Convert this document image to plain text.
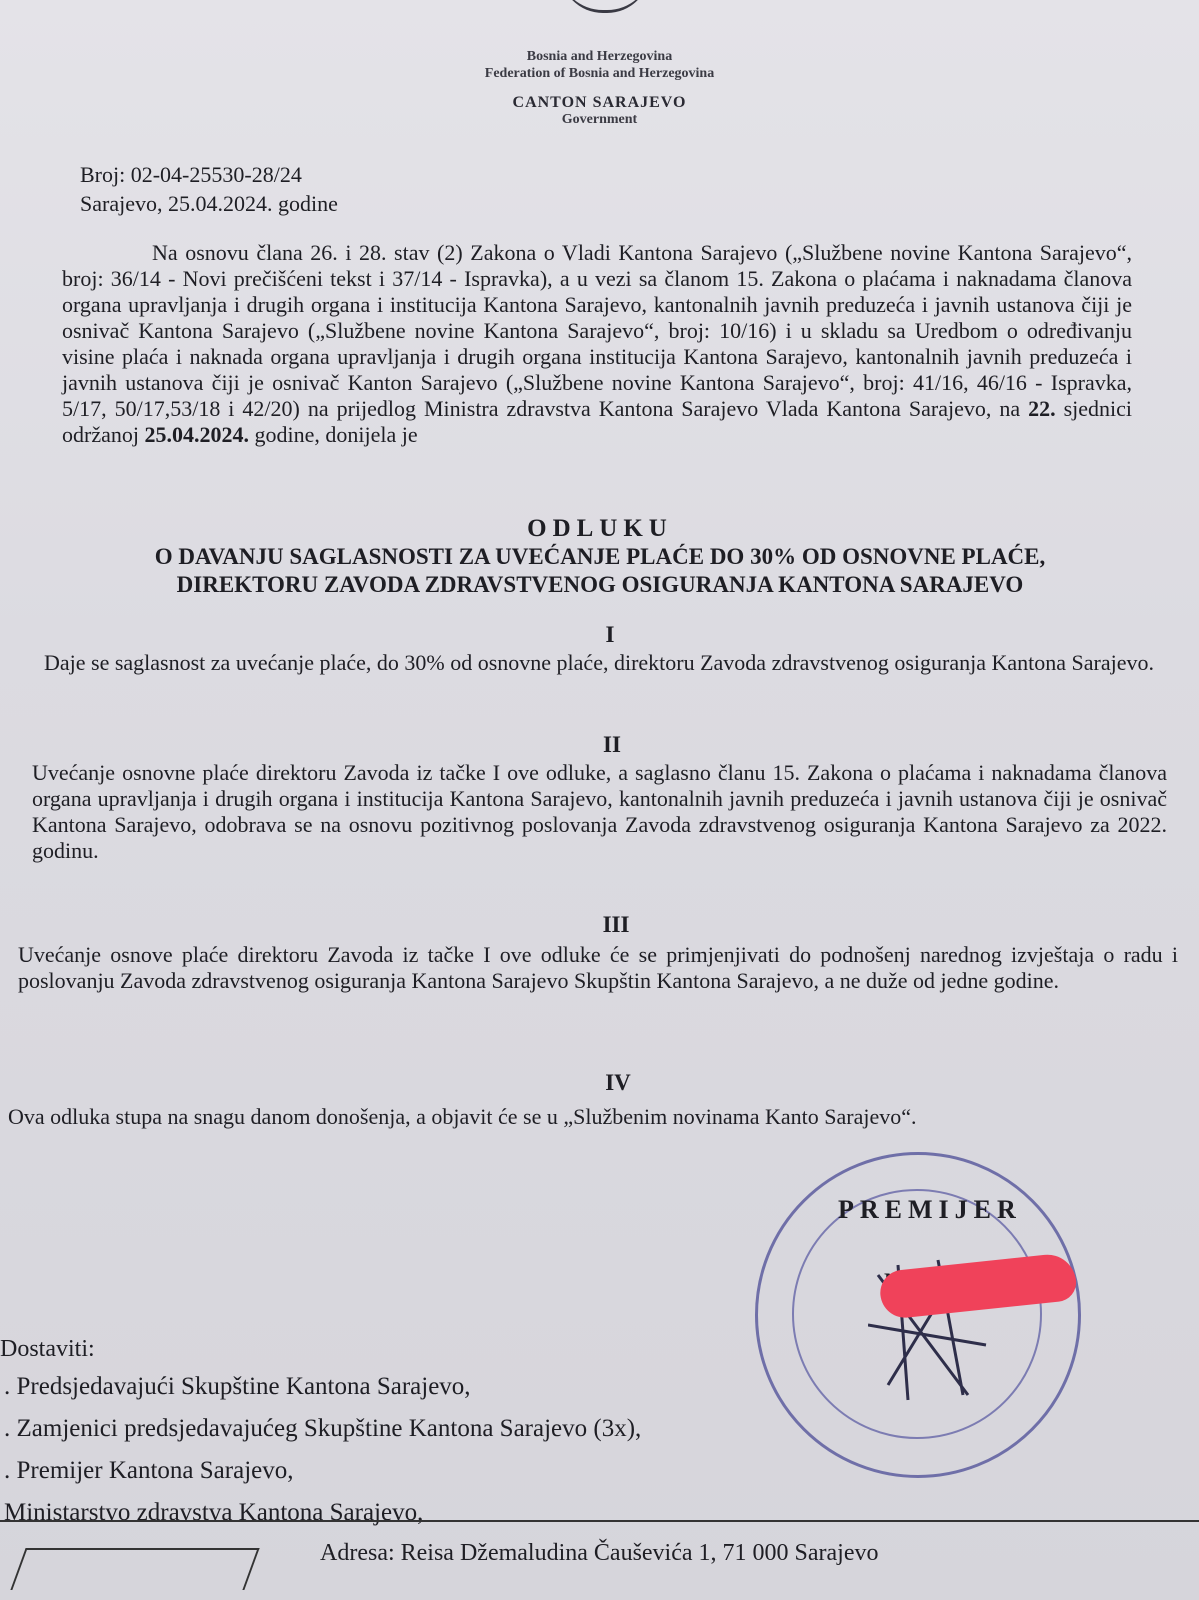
Bosnia and Herzegovina
Federation of Bosnia and Herzegovina
CANTON SARAJEVO
Government
Broj: 02-04-25530-28/24
Sarajevo, 25.04.2024. godine
Na osnovu člana 26. i 28. stav (2) Zakona o Vladi Kantona Sarajevo („Službene novine Kantona Sarajevo“, broj: 36/14 - Novi prečišćeni tekst i 37/14 - Ispravka), a u vezi sa članom 15. Zakona o plaćama i naknadama članova organa upravljanja i drugih organa i institucija Kantona Sarajevo, kantonalnih javnih preduzeća i javnih ustanova čiji je osnivač Kantona Sarajevo („Službene novine Kantona Sarajevo“, broj: 10/16) i u skladu sa Uredbom o određivanju visine plaća i naknada organa upravljanja i drugih organa institucija Kantona Sarajevo, kantonalnih javnih preduzeća i javnih ustanova čiji je osnivač Kanton Sarajevo („Službene novine Kantona Sarajevo“, broj: 41/16, 46/16 - Ispravka, 5/17, 50/17,53/18 i 42/20) na prijedlog Ministra zdravstva Kantona Sarajevo Vlada Kantona Sarajevo, na 22. sjednici održanoj 25.04.2024. godine, donijela je
ODLUKU
O DAVANJU SAGLASNOSTI ZA UVEĆANJE PLAĆE DO 30% OD OSNOVNE PLAĆE,
DIREKTORU ZAVODA ZDRAVSTVENOG OSIGURANJA KANTONA SARAJEVO
I
Daje se saglasnost za uvećanje plaće, do 30% od osnovne plaće, direktoru Zavoda zdravstvenog osiguranja Kantona Sarajevo.
II
Uvećanje osnovne plaće direktoru Zavoda iz tačke I ove odluke, a saglasno članu 15. Zakona o plaćama i naknadama članova organa upravljanja i drugih organa i institucija Kantona Sarajevo, kantonalnih javnih preduzeća i javnih ustanova čiji je osnivač Kantona Sarajevo, odobrava se na osnovu pozitivnog poslovanja Zavoda zdravstvenog osiguranja Kantona Sarajevo za 2022. godinu.
III
Uvećanje osnove plaće direktoru Zavoda iz tačke I ove odluke će se primjenjivati do podnošenj narednog izvještaja o radu i poslovanju Zavoda zdravstvenog osiguranja Kantona Sarajevo Skupštin Kantona Sarajevo, a ne duže od jedne godine.
IV
Ova odluka stupa na snagu danom donošenja, a objavit će se u „Službenim novinama Kanto Sarajevo“.
PREMIJER
Dostaviti:
. Predsjedavajući Skupštine Kantona Sarajevo,
. Zamjenici predsjedavajućeg Skupštine Kantona Sarajevo (3x),
. Premijer Kantona Sarajevo,
Ministarstvo zdravstva Kantona Sarajevo,
Adresa: Reisa Džemaludina Čauševića 1, 71 000 Sarajevo
